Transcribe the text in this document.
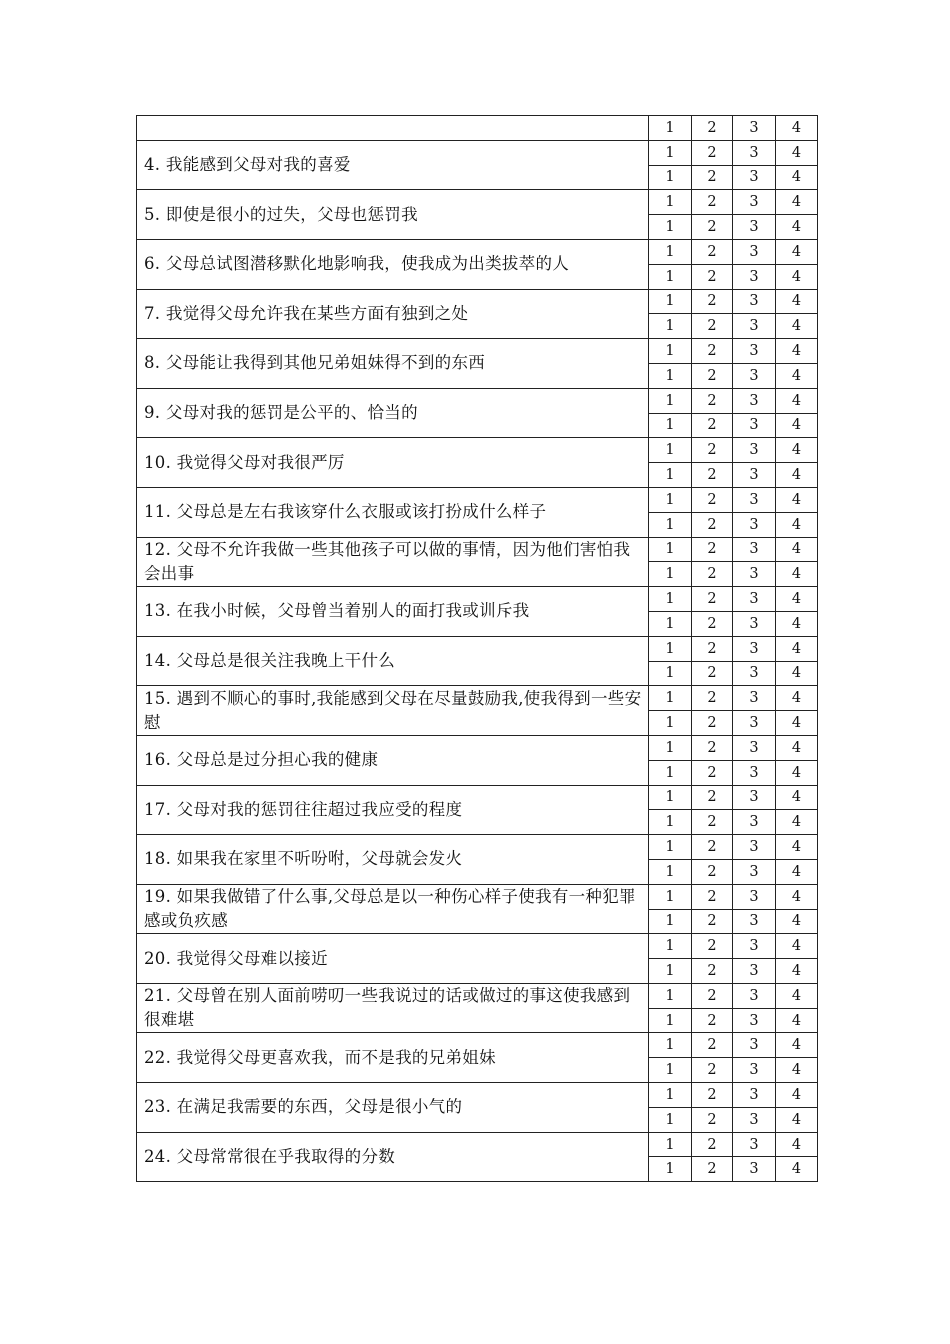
	1	2	3	4
4. 我能感到父母对我的喜爱	1	2	3	4
	1	2	3	4
5. 即使是很小的过失，父母也惩罚我	1	2	3	4
	1	2	3	4
6. 父母总试图潜移默化地影响我，使我成为出类拔萃的人	1	2	3	4
	1	2	3	4
7. 我觉得父母允许我在某些方面有独到之处	1	2	3	4
	1	2	3	4
8. 父母能让我得到其他兄弟姐妹得不到的东西	1	2	3	4
	1	2	3	4
9. 父母对我的惩罚是公平的、恰当的	1	2	3	4
	1	2	3	4
10. 我觉得父母对我很严厉	1	2	3	4
	1	2	3	4
11. 父母总是左右我该穿什么衣服或该打扮成什么样子	1	2	3	4
	1	2	3	4
12. 父母不允许我做一些其他孩子可以做的事情，因为他们害怕我会出事	1	2	3	4
	1	2	3	4
13. 在我小时候，父母曾当着别人的面打我或训斥我	1	2	3	4
	1	2	3	4
14. 父母总是很关注我晚上干什么	1	2	3	4
	1	2	3	4
15. 遇到不顺心的事时,我能感到父母在尽量鼓励我,使我得到一些安慰	1	2	3	4
	1	2	3	4
16. 父母总是过分担心我的健康	1	2	3	4
	1	2	3	4
17. 父母对我的惩罚往往超过我应受的程度	1	2	3	4
	1	2	3	4
18. 如果我在家里不听吩咐，父母就会发火	1	2	3	4
	1	2	3	4
19. 如果我做错了什么事,父母总是以一种伤心样子使我有一种犯罪感或负疚感	1	2	3	4
	1	2	3	4
20. 我觉得父母难以接近	1	2	3	4
	1	2	3	4
21. 父母曾在别人面前唠叨一些我说过的话或做过的事这使我感到很难堪	1	2	3	4
	1	2	3	4
22. 我觉得父母更喜欢我，而不是我的兄弟姐妹	1	2	3	4
	1	2	3	4
23. 在满足我需要的东西，父母是很小气的	1	2	3	4
	1	2	3	4
24. 父母常常很在乎我取得的分数	1	2	3	4
	1	2	3	4
